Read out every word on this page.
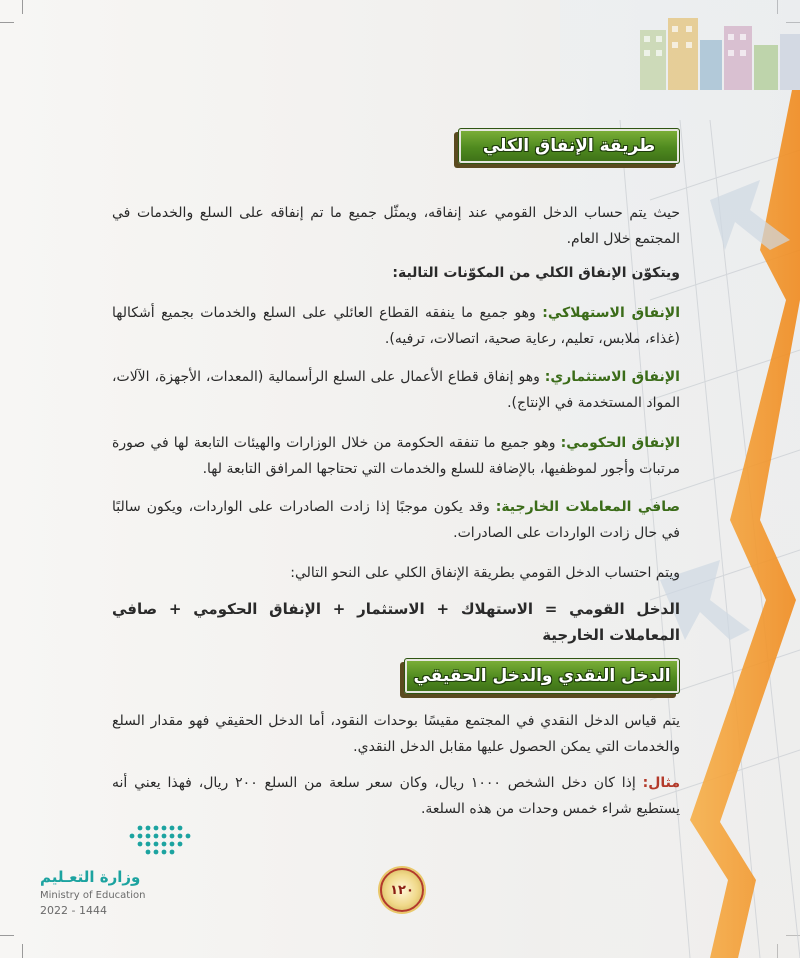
طريقة الإنفاق الكلي
حيث يتم حساب الدخل القومي عند إنفاقه، ويمثّل جميع ما تم إنفاقه على السلع والخدمات في المجتمع خلال العام.
ويتكوّن الإنفاق الكلي من المكوّنات التالية:
الإنفاق الاستهلاكي: وهو جميع ما ينفقه القطاع العائلي على السلع والخدمات بجميع أشكالها (غذاء، ملابس، تعليم، رعاية صحية، اتصالات، ترفيه).
الإنفاق الاستثماري: وهو إنفاق قطاع الأعمال على السلع الرأسمالية (المعدات، الأجهزة، الآلات، المواد المستخدمة في الإنتاج).
الإنفاق الحكومي: وهو جميع ما تنفقه الحكومة من خلال الوزارات والهيئات التابعة لها في صورة مرتبات وأجور لموظفيها، بالإضافة للسلع والخدمات التي تحتاجها المرافق التابعة لها.
صافي المعاملات الخارجية: وقد يكون موجبًا إذا زادت الصادرات على الواردات، ويكون سالبًا في حال زادت الواردات على الصادرات.
ويتم احتساب الدخل القومي بطريقة الإنفاق الكلي على النحو التالي:
الدخل القومي = الاستهلاك + الاستثمار + الإنفاق الحكومي + صافي المعاملات الخارجية
الدخل النقدي والدخل الحقيقي
يتم قياس الدخل النقدي في المجتمع مقيسًا بوحدات النقود، أما الدخل الحقيقي فهو مقدار السلع والخدمات التي يمكن الحصول عليها مقابل الدخل النقدي.
مثال: إذا كان دخل الشخص ١٠٠٠ ريال، وكان سعر سلعة من السلع ٢٠٠ ريال، فهذا يعني أنه يستطيع شراء خمس وحدات من هذه السلعة.
وزارة التعـليم
Ministry of Education
2022 - 1444
١٢٠
